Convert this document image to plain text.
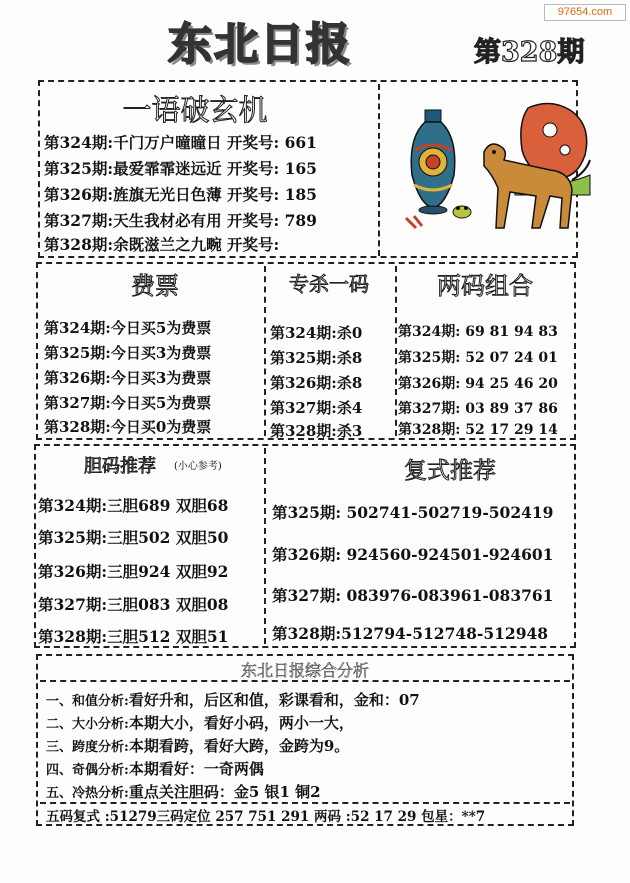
97654.com
东北日报	第328期
一语破玄机
第324期:千门万户曈曈日 开奖号: 661
第325期:最爱霏霏迷远近 开奖号: 165
第326期:旌旗无光日色薄 开奖号: 185
第327期:天生我材必有用 开奖号: 789
第328期:余既滋兰之九畹 开奖号:
费票
第324期:今日买5为费票
第325期:今日买3为费票
第326期:今日买3为费票
第327期:今日买5为费票
第328期:今日买0为费票
专杀一码
第324期:杀0
第325期:杀8
第326期:杀8
第327期:杀4
第328期:杀3
两码组合
第324期: 69 81 94 83
第325期: 52 07 24 01
第326期: 94 25 46 20
第327期: 03 89 37 86
第328期: 52 17 29 14
胆码推荐	(小心参考)
第324期:三胆689 双胆68
第325期:三胆502 双胆50
第326期:三胆924 双胆92
第327期:三胆083 双胆08
第328期:三胆512 双胆51
复式推荐
第325期: 502741-502719-502419
第326期: 924560-924501-924601
第327期: 083976-083961-083761
第328期:512794-512748-512948
东北日报综合分析
一、和值分析:看好升和，后区和值，彩课看和，金和：07
二、大小分析:本期大小，看好小码，两小一大，
三、跨度分析:本期看跨，看好大跨，金跨为9。
四、奇偶分析:本期看好：一奇两偶
五、冷热分析:重点关注胆码：金5 银1 铜2
五码复式 :51279三码定位 257 751 291 两码 :52 17 29 包星：**7
